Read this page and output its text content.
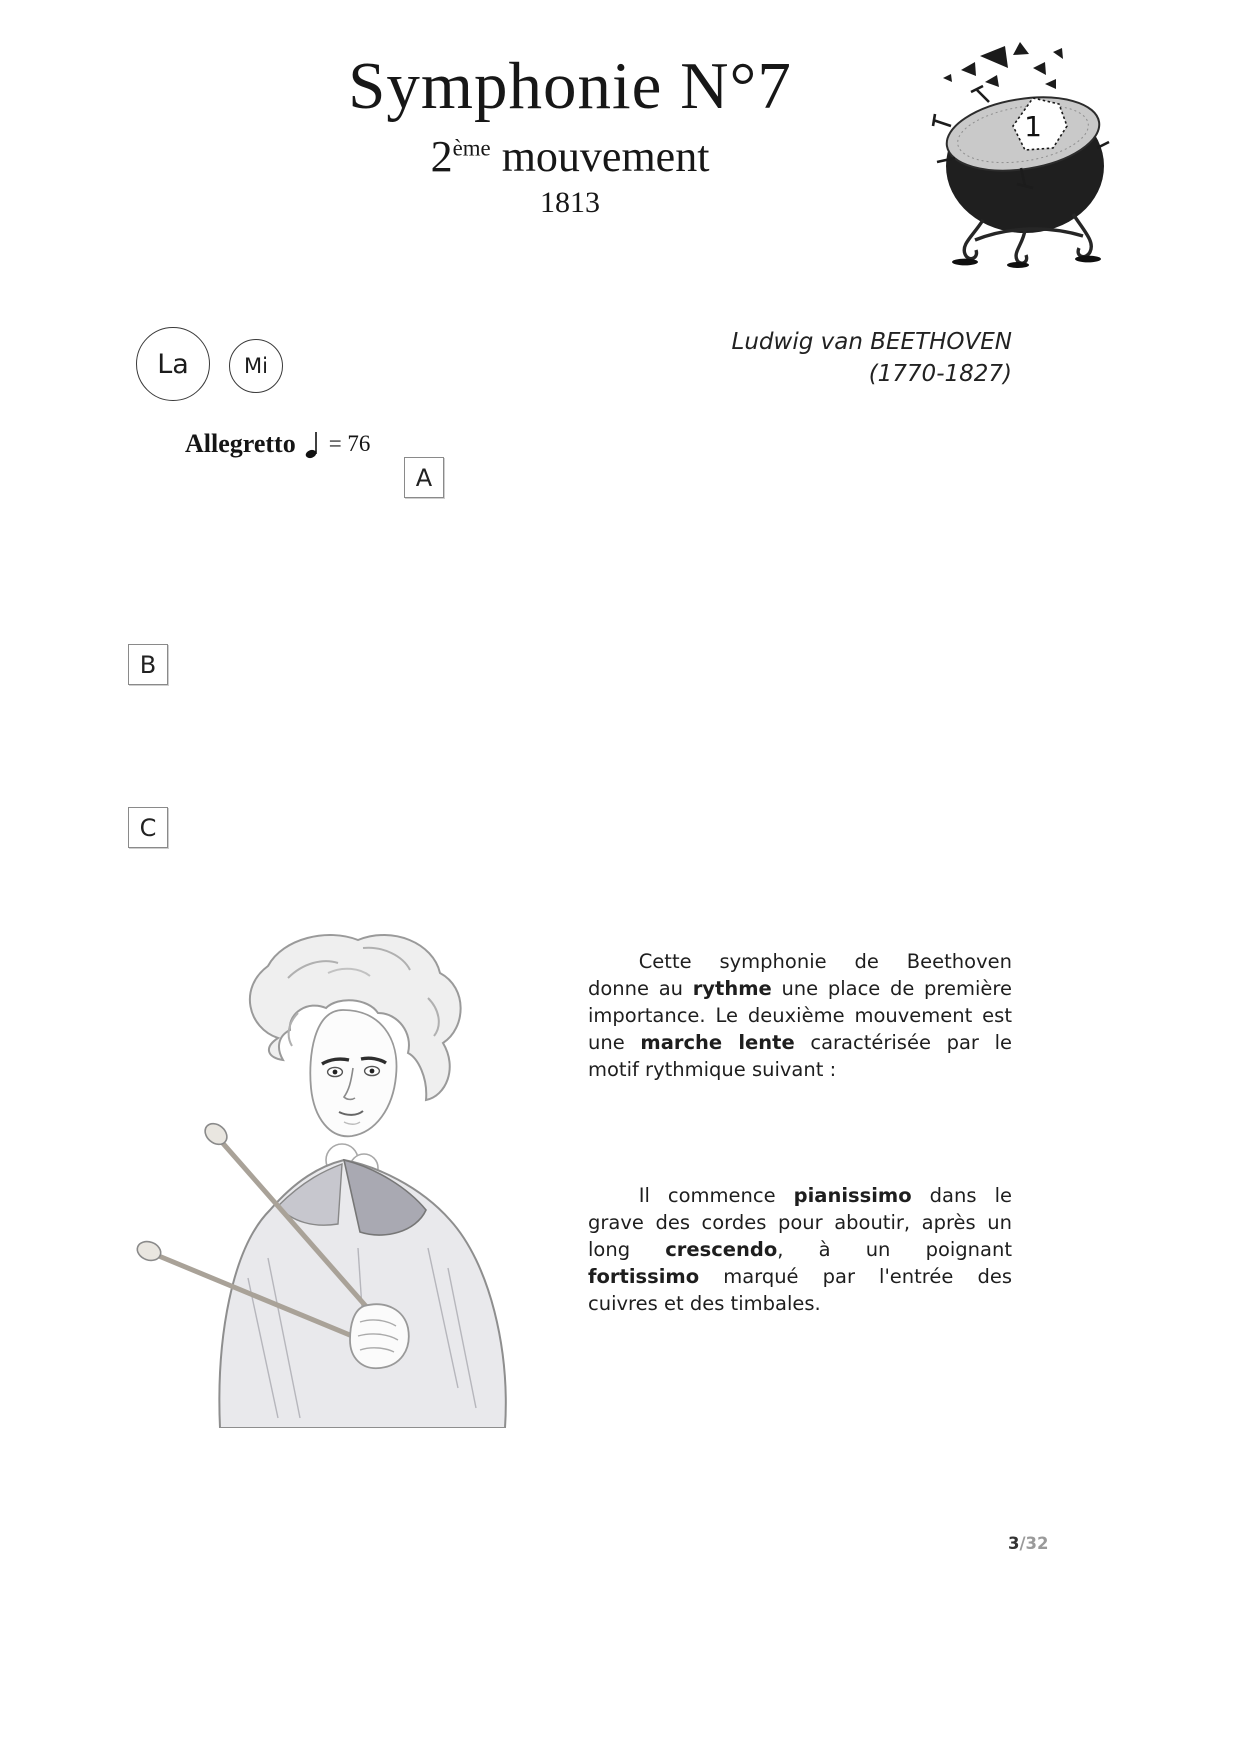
Symphonie N°7
2ème mouvement
1813
1
La	Mi
Ludwig van BEETHOVEN
(1770-1827)
Allegretto = 76
A
B
C
Cette symphonie de Beethoven donne au rythme une place de première importance. Le deuxième mouvement est une marche lente caractérisée par le motif rythmique suivant :
Il commence pianissimo dans le grave des cordes pour aboutir, après un long crescendo, à un poignant fortissimo marqué par l'entrée des cuivres et des timbales.
3/32
